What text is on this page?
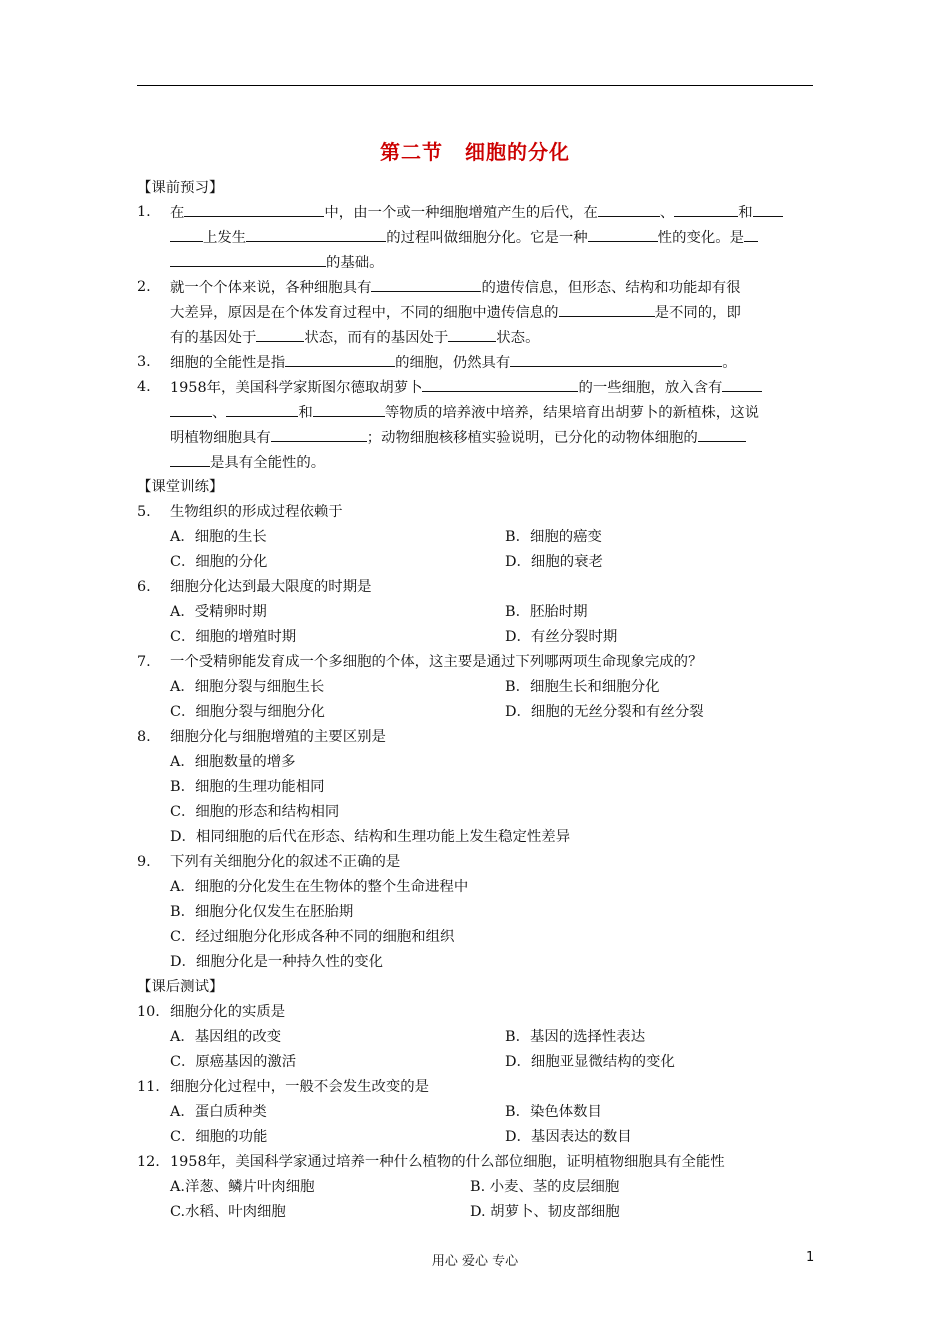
第二节 细胞的分化
【课前预习】
1. 在	中，由一个或一种细胞增殖产生的后代，在	、	和
上发生	的过程叫做细胞分化。它是一种	性的变化。是
的基础。
2. 就一个个体来说，各种细胞具有	的遗传信息，但形态、结构和功能却有很
大差异，原因是在个体发育过程中，不同的细胞中遗传信息的	是不同的，即
有的基因处于	状态，而有的基因处于	状态。
3. 细胞的全能性是指	的细胞，仍然具有	。
4. 1958年，美国科学家斯图尔德取胡萝卜	的一些细胞，放入含有
、	和	等物质的培养液中培养，结果培育出胡萝卜的新植株，这说
明植物细胞具有	；动物细胞核移植实验说明，已分化的动物体细胞的
是具有全能性的。
【课堂训练】
5. 生物组织的形成过程依赖于
A．细胞的生长	B．细胞的癌变
C．细胞的分化	D．细胞的衰老
6. 细胞分化达到最大限度的时期是
A．受精卵时期	B．胚胎时期
C．细胞的增殖时期	D．有丝分裂时期
7. 一个受精卵能发育成一个多细胞的个体，这主要是通过下列哪两项生命现象完成的？
A．细胞分裂与细胞生长	B．细胞生长和细胞分化
C．细胞分裂与细胞分化	D．细胞的无丝分裂和有丝分裂
8. 细胞分化与细胞增殖的主要区别是
A．细胞数量的增多
B．细胞的生理功能相同
C．细胞的形态和结构相同
D．相同细胞的后代在形态、结构和生理功能上发生稳定性差异
9. 下列有关细胞分化的叙述不正确的是
A．细胞的分化发生在生物体的整个生命进程中
B．细胞分化仅发生在胚胎期
C．经过细胞分化形成各种不同的细胞和组织
D．细胞分化是一种持久性的变化
【课后测试】
10. 细胞分化的实质是
A．基因组的改变	B．基因的选择性表达
C．原癌基因的激活	D．细胞亚显微结构的变化
11. 细胞分化过程中，一般不会发生改变的是
A．蛋白质种类	B．染色体数目
C．细胞的功能	D．基因表达的数目
12. 1958年，美国科学家通过培养一种什么植物的什么部位细胞，证明植物细胞具有全能性
A.洋葱、鳞片叶肉细胞	B. 小麦、茎的皮层细胞
C.水稻、叶肉细胞	D. 胡萝卜、韧皮部细胞
用心 爱心 专心	1
